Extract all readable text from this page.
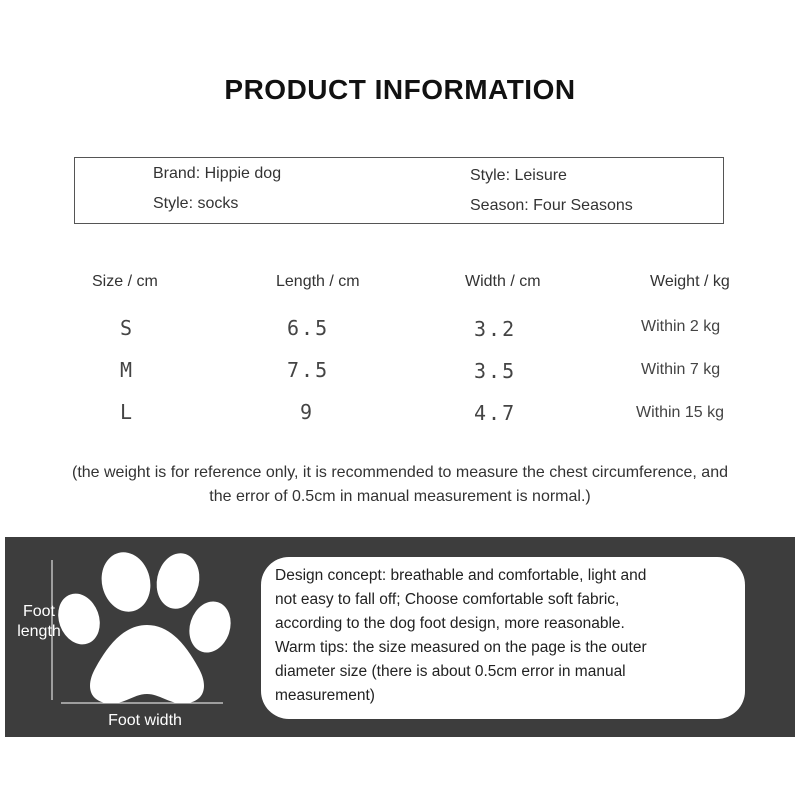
PRODUCT INFORMATION
Brand: Hippie dog
Style: socks
Style: Leisure
Season: Four Seasons
Size / cm	Length / cm	Width / cm	Weight / kg
S	6.5	3.2	Within 2 kg
M	7.5	3.5	Within 7 kg
L	9	4.7	Within 15 kg
(the weight is for reference only, it is recommended to measure the chest circumference, and
the error of 0.5cm in manual measurement is normal.)
Foot
length
Foot width

Design concept: breathable and comfortable, light and

not easy to fall off; Choose comfortable soft fabric,

according to the dog foot design, more reasonable.

Warm tips: the size measured on the page is the outer

diameter size (there is about 0.5cm error in manual

measurement)
